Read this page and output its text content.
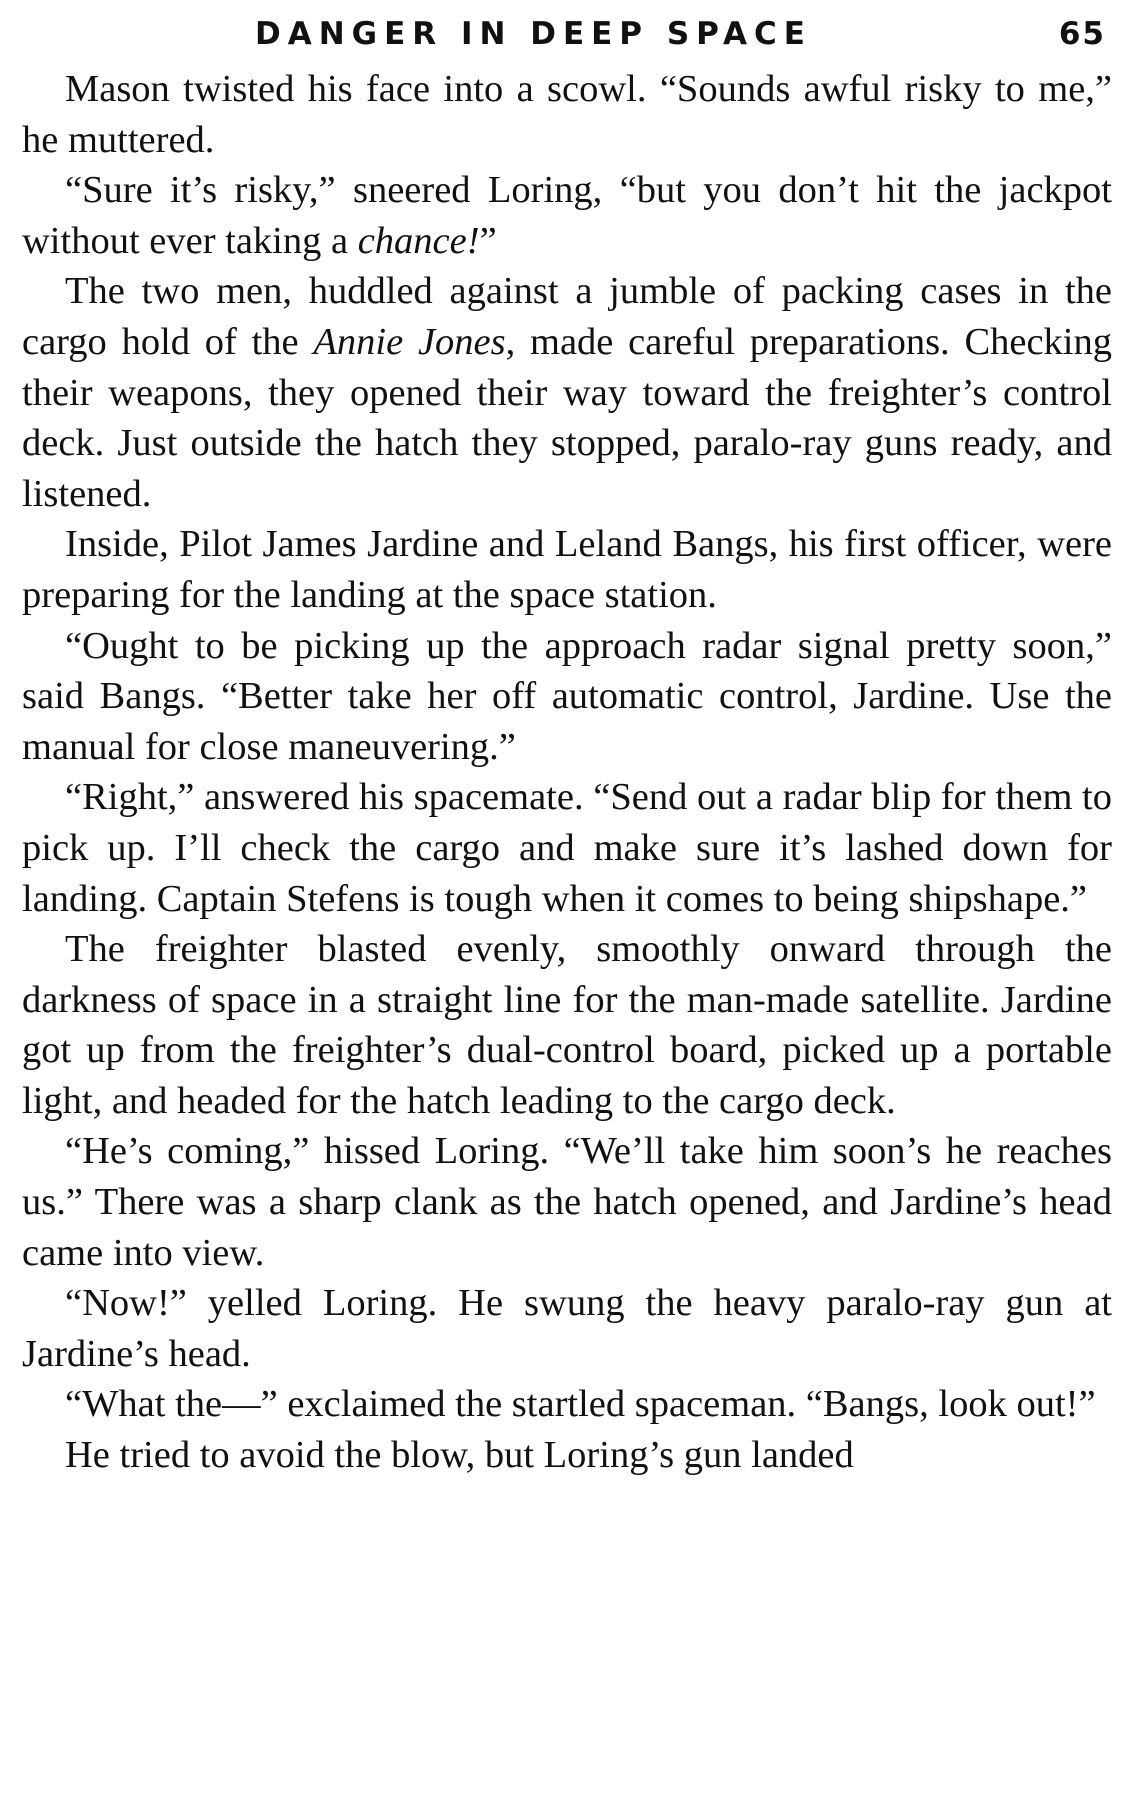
DANGER IN DEEP SPACE	65

Mason twisted his face into a scowl. “Sounds awful risky to me,” he muttered.

“Sure it’s risky,” sneered Loring, “but you don’t hit the jackpot without ever taking a chance!”

The two men, huddled against a jumble of packing cases in the cargo hold of the Annie Jones, made careful preparations. Checking their weapons, they opened their way toward the freighter’s control deck. Just outside the hatch they stopped, paralo-ray guns ready, and listened.

Inside, Pilot James Jardine and Leland Bangs, his first officer, were preparing for the landing at the space station.

“Ought to be picking up the approach radar signal pretty soon,” said Bangs. “Better take her off automatic control, Jardine. Use the manual for close maneuvering.”

“Right,” answered his spacemate. “Send out a radar blip for them to pick up. I’ll check the cargo and make sure it’s lashed down for landing. Captain Stefens is tough when it comes to being shipshape.”

The freighter blasted evenly, smoothly onward through the darkness of space in a straight line for the man-made satellite. Jardine got up from the freighter’s dual-control board, picked up a portable light, and headed for the hatch leading to the cargo deck.

“He’s coming,” hissed Loring. “We’ll take him soon’s he reaches us.” There was a sharp clank as the hatch opened, and Jardine’s head came into view.

“Now!” yelled Loring. He swung the heavy paralo-ray gun at Jardine’s head.

“What the—” exclaimed the startled spaceman. “Bangs, look out!”

He tried to avoid the blow, but Loring’s gun landed
